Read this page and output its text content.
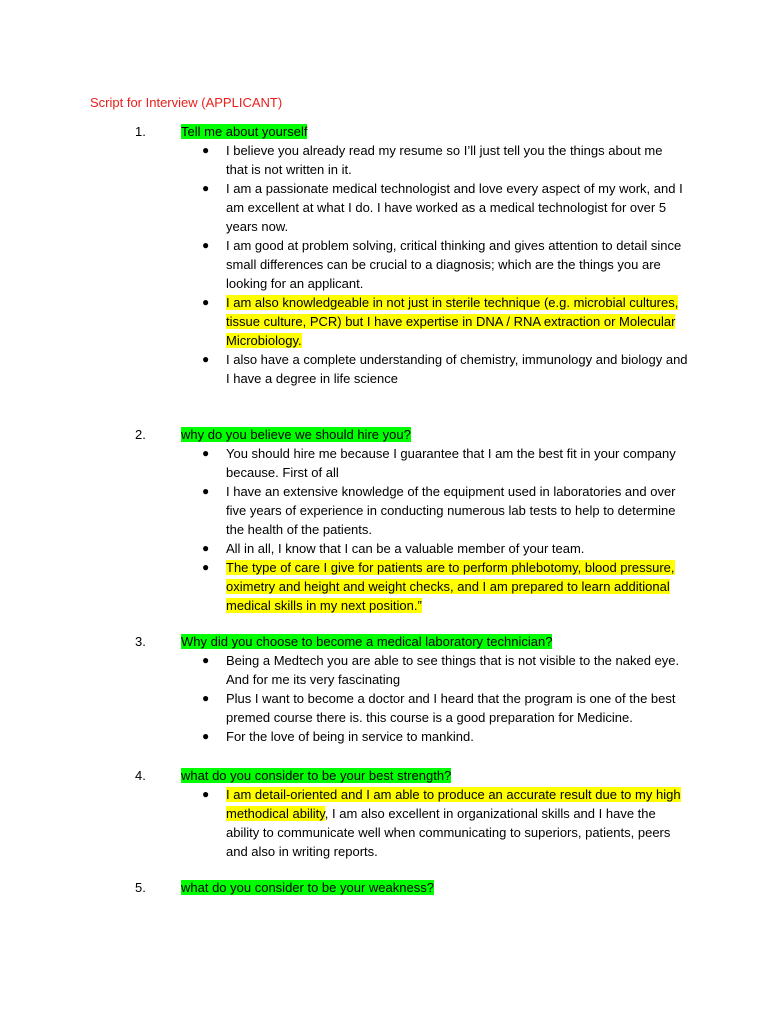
Script for Interview (APPLICANT)
1.	Tell me about yourself
● I believe you already read my resume so I’ll just tell you the things about me
that is not written in it.
● I am a passionate medical technologist and love every aspect of my work, and I
am excellent at what I do. I have worked as a medical technologist for over 5
years now.
● I am good at problem solving, critical thinking and gives attention to detail since
small differences can be crucial to a diagnosis; which are the things you are
looking for an applicant.
● I am also knowledgeable in not just in sterile technique (e.g. microbial cultures,
tissue culture, PCR) but I have expertise in DNA / RNA extraction or Molecular
Microbiology.
● I also have a complete understanding of chemistry, immunology and biology and
I have a degree in life science
2.	why do you believe we should hire you?
● You should hire me because I guarantee that I am the best fit in your company
because. First of all
● I have an extensive knowledge of the equipment used in laboratories and over
five years of experience in conducting numerous lab tests to help to determine
the health of the patients.
● All in all, I know that I can be a valuable member of your team.
● The type of care I give for patients are to perform phlebotomy, blood pressure,
oximetry and height and weight checks, and I am prepared to learn additional
medical skills in my next position.”
3.	Why did you choose to become a medical laboratory technician?
● Being a Medtech you are able to see things that is not visible to the naked eye.
And for me its very fascinating
● Plus I want to become a doctor and I heard that the program is one of the best
premed course there is. this course is a good preparation for Medicine.
● For the love of being in service to mankind.
4.	what do you consider to be your best strength?
● I am detail-oriented and I am able to produce an accurate result due to my high
methodical ability, I am also excellent in organizational skills and I have the
ability to communicate well when communicating to superiors, patients, peers
and also in writing reports.
5.	what do you consider to be your weakness?
